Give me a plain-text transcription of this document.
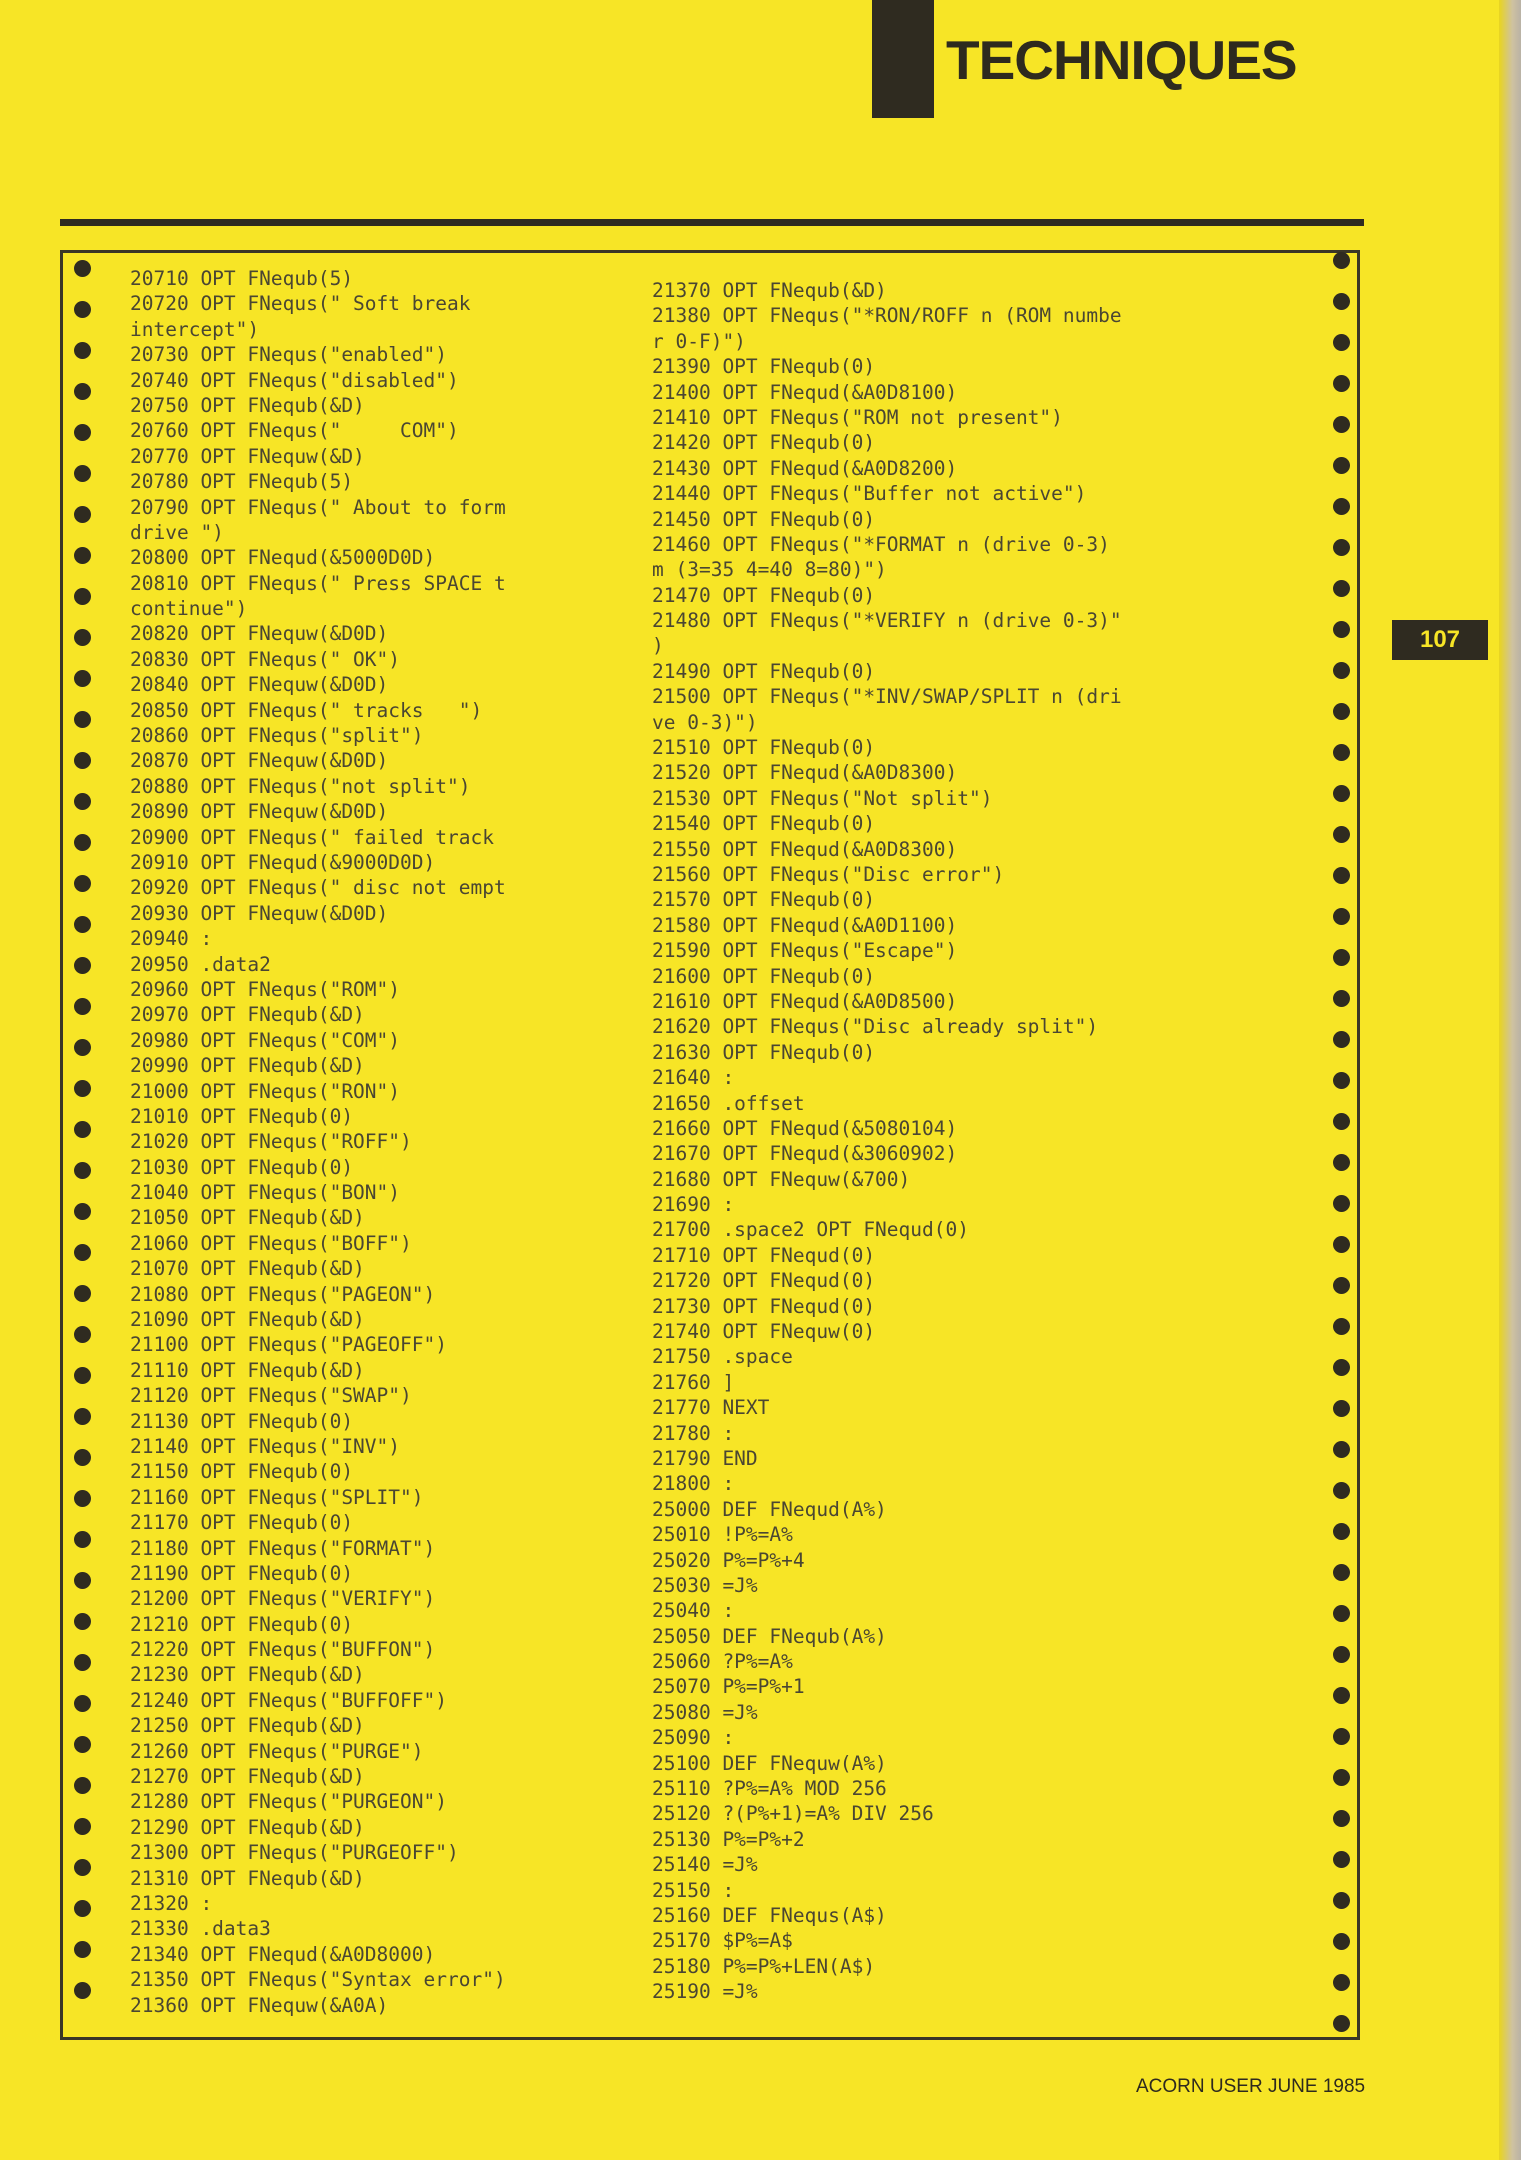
TECHNIQUES
20710 OPT FNequb(5)
20720 OPT FNequs(" Soft break
intercept")
20730 OPT FNequs("enabled")
20740 OPT FNequs("disabled")
20750 OPT FNequb(&D)
20760 OPT FNequs("     COM")
20770 OPT FNequw(&D)
20780 OPT FNequb(5)
20790 OPT FNequs(" About to form
drive ")
20800 OPT FNequd(&5000D0D)
20810 OPT FNequs(" Press SPACE t
continue")
20820 OPT FNequw(&D0D)
20830 OPT FNequs(" OK")
20840 OPT FNequw(&D0D)
20850 OPT FNequs(" tracks   ")
20860 OPT FNequs("split")
20870 OPT FNequw(&D0D)
20880 OPT FNequs("not split")
20890 OPT FNequw(&D0D)
20900 OPT FNequs(" failed track
20910 OPT FNequd(&9000D0D)
20920 OPT FNequs(" disc not empt
20930 OPT FNequw(&D0D)
20940 :
20950 .data2
20960 OPT FNequs("ROM")
20970 OPT FNequb(&D)
20980 OPT FNequs("COM")
20990 OPT FNequb(&D)
21000 OPT FNequs("RON")
21010 OPT FNequb(0)
21020 OPT FNequs("ROFF")
21030 OPT FNequb(0)
21040 OPT FNequs("BON")
21050 OPT FNequb(&D)
21060 OPT FNequs("BOFF")
21070 OPT FNequb(&D)
21080 OPT FNequs("PAGEON")
21090 OPT FNequb(&D)
21100 OPT FNequs("PAGEOFF")
21110 OPT FNequb(&D)
21120 OPT FNequs("SWAP")
21130 OPT FNequb(0)
21140 OPT FNequs("INV")
21150 OPT FNequb(0)
21160 OPT FNequs("SPLIT")
21170 OPT FNequb(0)
21180 OPT FNequs("FORMAT")
21190 OPT FNequb(0)
21200 OPT FNequs("VERIFY")
21210 OPT FNequb(0)
21220 OPT FNequs("BUFFON")
21230 OPT FNequb(&D)
21240 OPT FNequs("BUFFOFF")
21250 OPT FNequb(&D)
21260 OPT FNequs("PURGE")
21270 OPT FNequb(&D)
21280 OPT FNequs("PURGEON")
21290 OPT FNequb(&D)
21300 OPT FNequs("PURGEOFF")
21310 OPT FNequb(&D)
21320 :
21330 .data3
21340 OPT FNequd(&A0D8000)
21350 OPT FNequs("Syntax error")
21360 OPT FNequw(&A0A)
21370 OPT FNequb(&D)
21380 OPT FNequs("*RON/ROFF n (ROM numbe
r 0-F)")
21390 OPT FNequb(0)
21400 OPT FNequd(&A0D8100)
21410 OPT FNequs("ROM not present")
21420 OPT FNequb(0)
21430 OPT FNequd(&A0D8200)
21440 OPT FNequs("Buffer not active")
21450 OPT FNequb(0)
21460 OPT FNequs("*FORMAT n (drive 0-3)
m (3=35 4=40 8=80)")
21470 OPT FNequb(0)
21480 OPT FNequs("*VERIFY n (drive 0-3)"
)
21490 OPT FNequb(0)
21500 OPT FNequs("*INV/SWAP/SPLIT n (dri
ve 0-3)")
21510 OPT FNequb(0)
21520 OPT FNequd(&A0D8300)
21530 OPT FNequs("Not split")
21540 OPT FNequb(0)
21550 OPT FNequd(&A0D8300)
21560 OPT FNequs("Disc error")
21570 OPT FNequb(0)
21580 OPT FNequd(&A0D1100)
21590 OPT FNequs("Escape")
21600 OPT FNequb(0)
21610 OPT FNequd(&A0D8500)
21620 OPT FNequs("Disc already split")
21630 OPT FNequb(0)
21640 :
21650 .offset
21660 OPT FNequd(&5080104)
21670 OPT FNequd(&3060902)
21680 OPT FNequw(&700)
21690 :
21700 .space2 OPT FNequd(0)
21710 OPT FNequd(0)
21720 OPT FNequd(0)
21730 OPT FNequd(0)
21740 OPT FNequw(0)
21750 .space
21760 ]
21770 NEXT
21780 :
21790 END
21800 :
25000 DEF FNequd(A%)
25010 !P%=A%
25020 P%=P%+4
25030 =J%
25040 :
25050 DEF FNequb(A%)
25060 ?P%=A%
25070 P%=P%+1
25080 =J%
25090 :
25100 DEF FNequw(A%)
25110 ?P%=A% MOD 256
25120 ?(P%+1)=A% DIV 256
25130 P%=P%+2
25140 =J%
25150 :
25160 DEF FNequs(A$)
25170 $P%=A$
25180 P%=P%+LEN(A$)
25190 =J%
107
ACORN USER JUNE 1985
